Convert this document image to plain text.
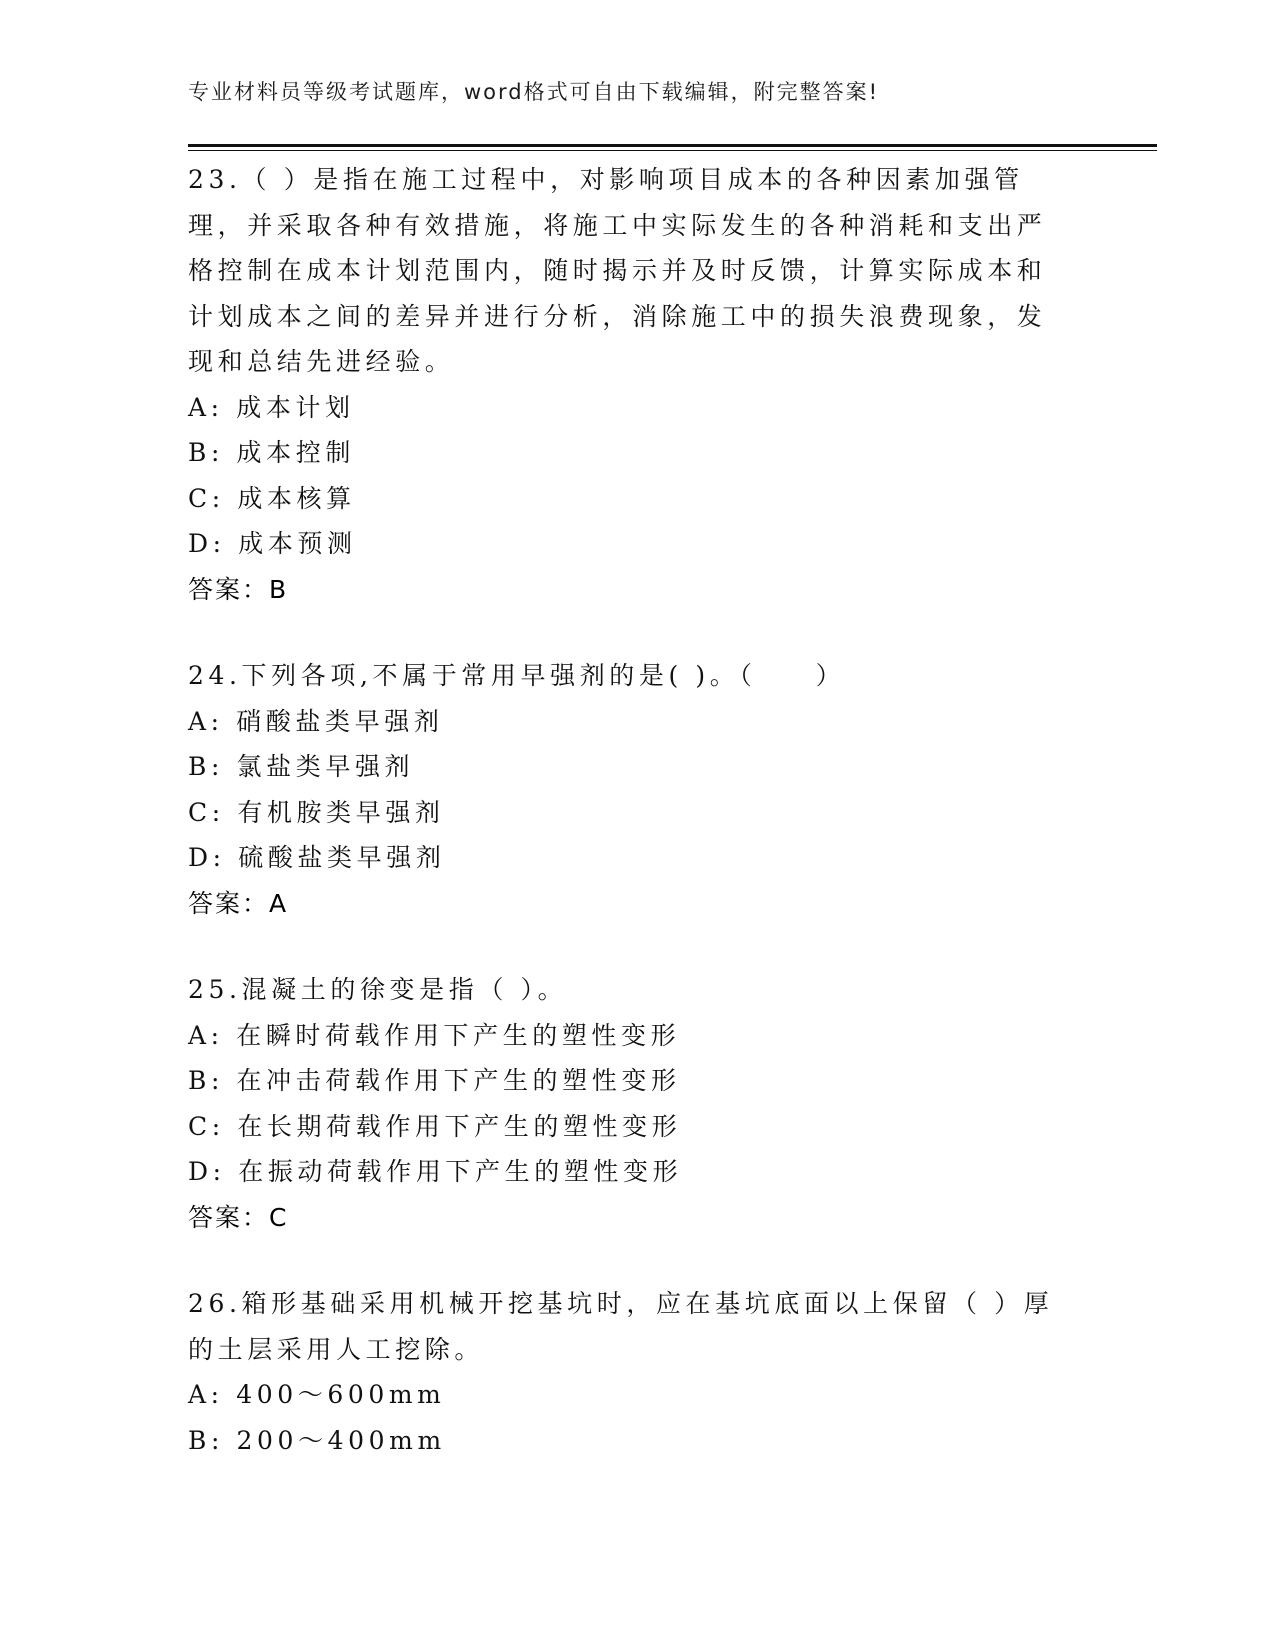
专业材料员等级考试题库，word格式可自由下载编辑，附完整答案!

23.（ ）是指在施工过程中，对影响项目成本的各种因素加强管理，并采取各种有效措施，将施工中实际发生的各种消耗和支出严格控制在成本计划范围内，随时揭示并及时反馈，计算实际成本和计划成本之间的差异并进行分析，消除施工中的损失浪费现象，发现和总结先进经验。

A: 成本计划

B: 成本控制

C: 成本核算

D: 成本预测

答案：B

24.下列各项,不属于常用早强剂的是( )。（　　）

A: 硝酸盐类早强剂

B: 氯盐类早强剂

C: 有机胺类早强剂

D: 硫酸盐类早强剂

答案：A

25.混凝土的徐变是指（ ）。

A: 在瞬时荷载作用下产生的塑性变形

B: 在冲击荷载作用下产生的塑性变形

C: 在长期荷载作用下产生的塑性变形

D: 在振动荷载作用下产生的塑性变形

答案：C

26.箱形基础采用机械开挖基坑时，应在基坑底面以上保留（ ）厚的土层采用人工挖除。

A: 400～600mm

B: 200～400mm
